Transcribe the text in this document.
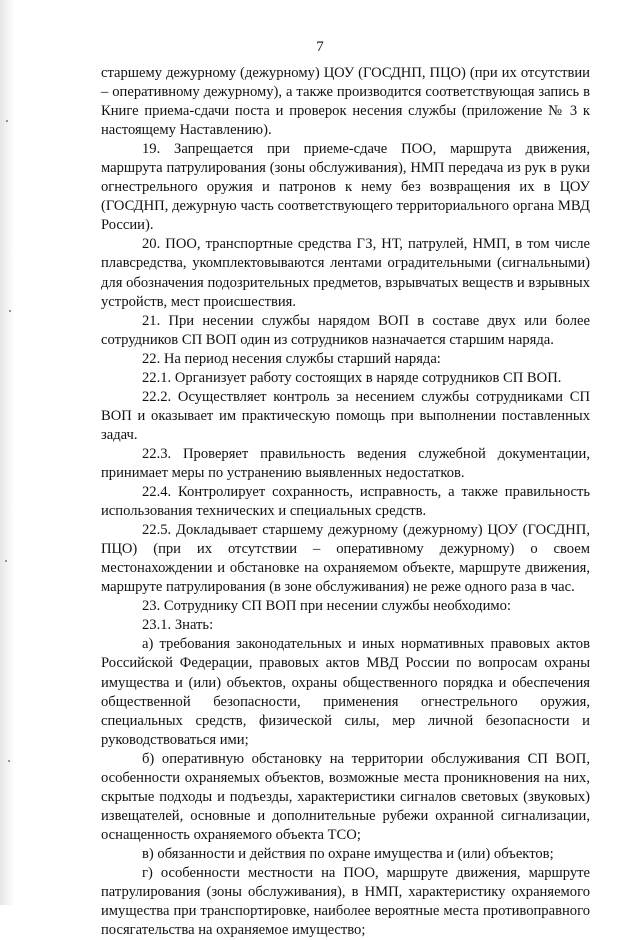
7

старшему дежурному (дежурному) ЦОУ (ГОСДНП, ПЦО) (при их отсутствии – оперативному дежурному), а также производится соответствующая запись в Книге приема-сдачи поста и проверок несения службы (приложение № 3 к настоящему Наставлению).

19. Запрещается при приеме-сдаче ПОО, маршрута движения, маршрута патрулирования (зоны обслуживания), НМП передача из рук в руки огнестрельного оружия и патронов к нему без возвращения их в ЦОУ (ГОСДНП, дежурную часть соответствующего территориального органа МВД России).

20. ПОО, транспортные средства ГЗ, НТ, патрулей, НМП, в том числе плавсредства, укомплектовываются лентами оградительными (сигнальными) для обозначения подозрительных предметов, взрывчатых веществ и взрывных устройств, мест происшествия.

21. При несении службы нарядом ВОП в составе двух или более сотрудников СП ВОП один из сотрудников назначается старшим наряда.

22. На период несения службы старший наряда:

22.1. Организует работу состоящих в наряде сотрудников СП ВОП.

22.2. Осуществляет контроль за несением службы сотрудниками СП ВОП и оказывает им практическую помощь при выполнении поставленных задач.

22.3. Проверяет правильность ведения служебной документации, принимает меры по устранению выявленных недостатков.

22.4. Контролирует сохранность, исправность, а также правильность использования технических и специальных средств.

22.5. Докладывает старшему дежурному (дежурному) ЦОУ (ГОСДНП, ПЦО) (при их отсутствии – оперативному дежурному) о своем местонахождении и обстановке на охраняемом объекте, маршруте движения, маршруте патрулирования (в зоне обслуживания) не реже одного раза в час.

23. Сотруднику СП ВОП при несении службы необходимо:

23.1. Знать:

а) требования законодательных и иных нормативных правовых актов Российской Федерации, правовых актов МВД России по вопросам охраны имущества и (или) объектов, охраны общественного порядка и обеспечения общественной безопасности, применения огнестрельного оружия, специальных средств, физической силы, мер личной безопасности и руководствоваться ими;

б) оперативную обстановку на территории обслуживания СП ВОП, особенности охраняемых объектов, возможные места проникновения на них, скрытые подходы и подъезды, характеристики сигналов световых (звуковых) извещателей, основные и дополнительные рубежи охранной сигнализации, оснащенность охраняемого объекта ТСО;

в) обязанности и действия по охране имущества и (или) объектов;

г) особенности местности на ПОО, маршруте движения, маршруте патрулирования (зоны обслуживания), в НМП, характеристику охраняемого имущества при транспортировке, наиболее вероятные места противоправного посягательства на охраняемое имущество;
